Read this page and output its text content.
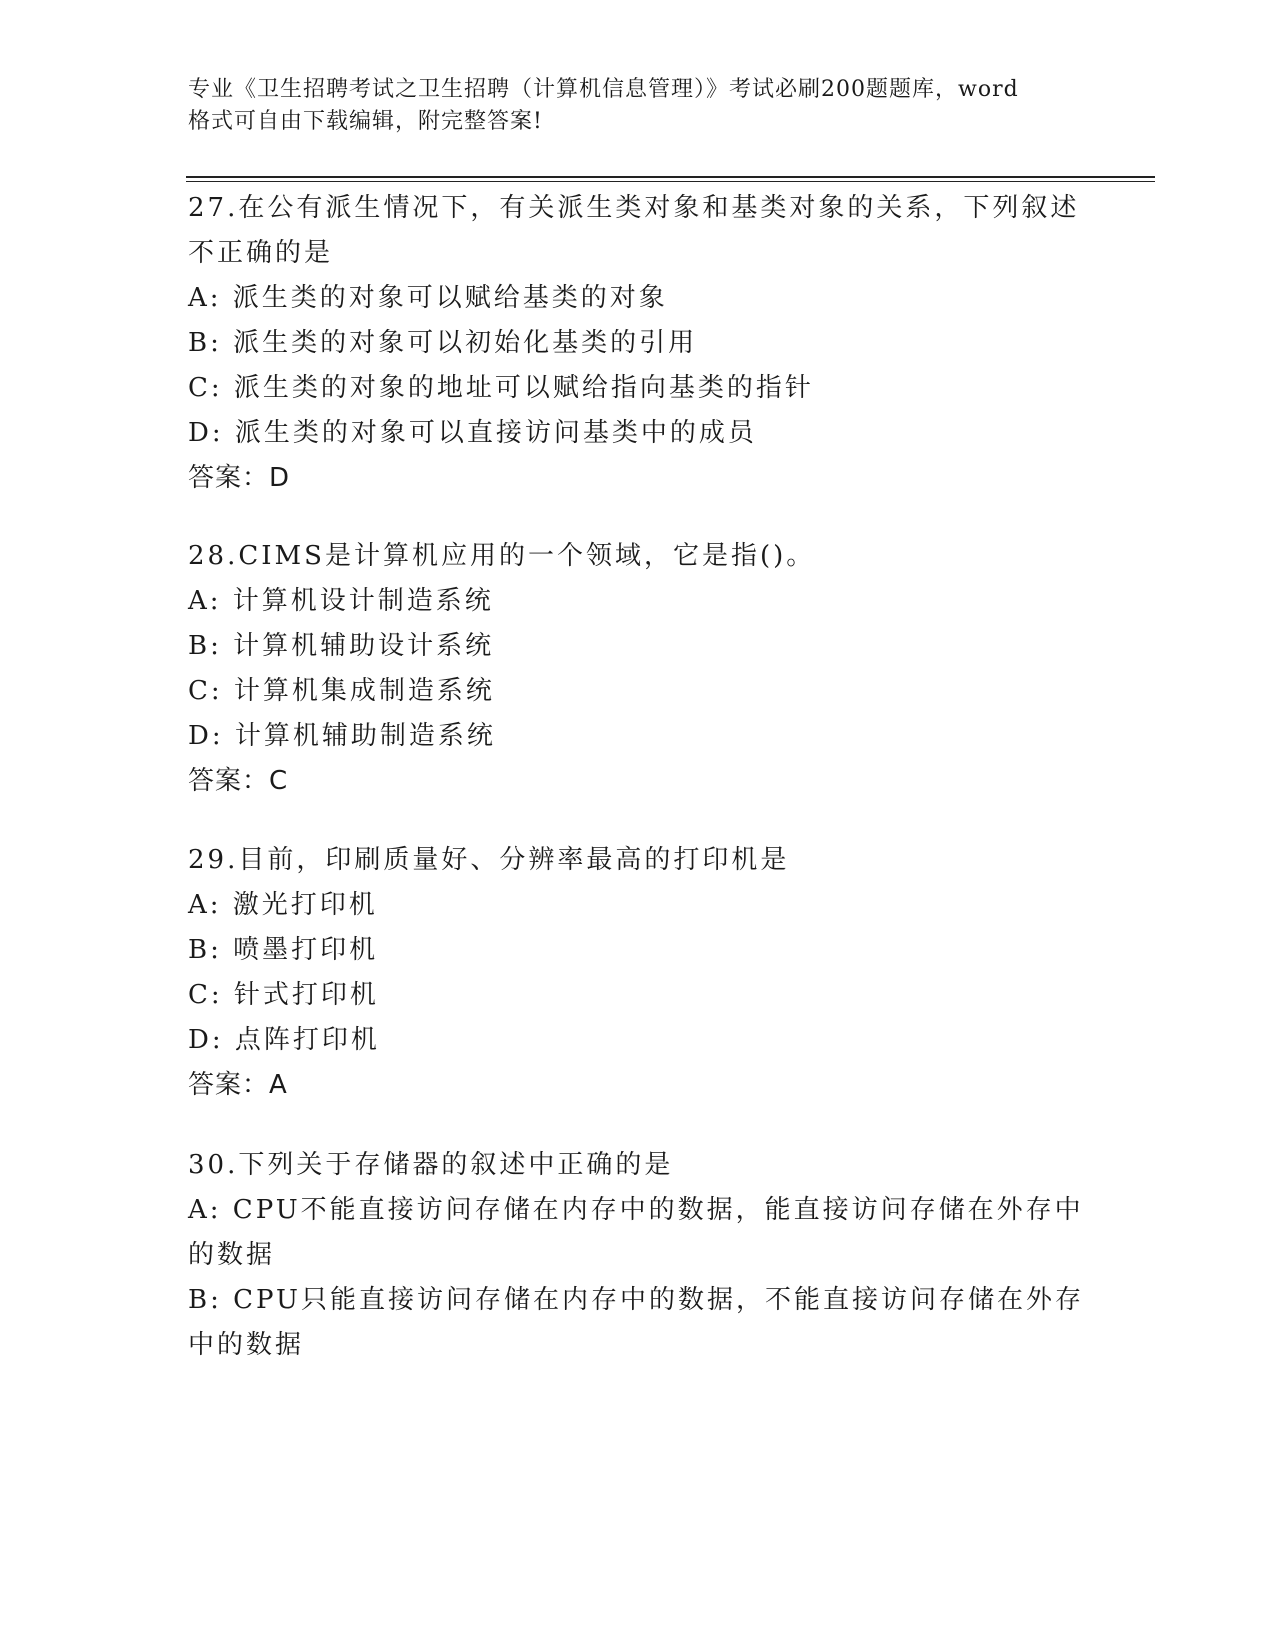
专业《卫生招聘考试之卫生招聘（计算机信息管理）》考试必刷200题题库，word
格式可自由下载编辑，附完整答案!
27.在公有派生情况下，有关派生类对象和基类对象的关系，下列叙述
不正确的是
A: 派生类的对象可以赋给基类的对象
B: 派生类的对象可以初始化基类的引用
C: 派生类的对象的地址可以赋给指向基类的指针
D: 派生类的对象可以直接访问基类中的成员
答案：D
28.CIMS是计算机应用的一个领域，它是指()。
A: 计算机设计制造系统
B: 计算机辅助设计系统
C: 计算机集成制造系统
D: 计算机辅助制造系统
答案：C
29.目前，印刷质量好、分辨率最高的打印机是
A: 激光打印机
B: 喷墨打印机
C: 针式打印机
D: 点阵打印机
答案：A
30.下列关于存储器的叙述中正确的是
A: CPU不能直接访问存储在内存中的数据，能直接访问存储在外存中
的数据
B: CPU只能直接访问存储在内存中的数据，不能直接访问存储在外存
中的数据
